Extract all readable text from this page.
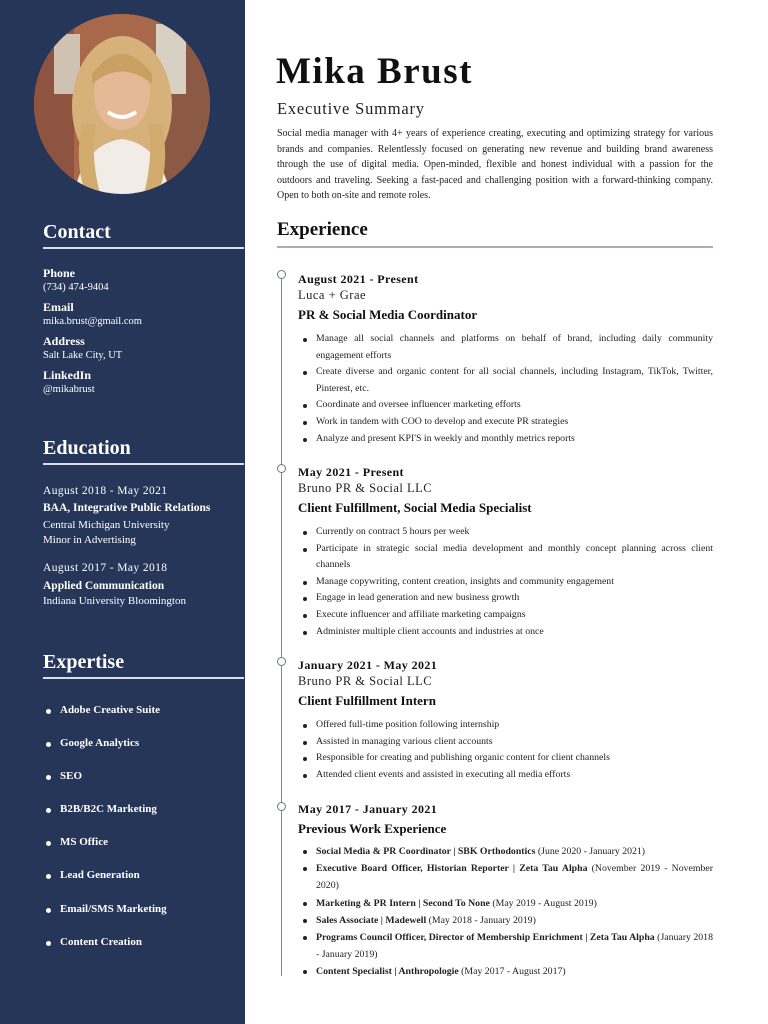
Contact
Phone
(734) 474-9404
Email
mika.brust@gmail.com
Address
Salt Lake City, UT
LinkedIn
@mikabrust
Education
August 2018 - May 2021
BAA, Integrative Public Relations
Central Michigan University
Minor in Advertising
August 2017 - May 2018
Applied Communication
Indiana University Bloomington
Expertise
Adobe Creative Suite
Google Analytics
SEO
B2B/B2C Marketing
MS Office
Lead Generation
Email/SMS Marketing
Content Creation
Mika Brust
Executive Summary
Social media manager with 4+ years of experience creating, executing and optimizing strategy for various brands and companies. Relentlessly focused on generating new revenue and building brand awareness through the use of digital media. Open-minded, flexible and honest individual with a passion for the outdoors and traveling. Seeking a fast-paced and challenging position with a forward-thinking company. Open to both on-site and remote roles.
Experience
August 2021 - Present
Luca + Grae
PR & Social Media Coordinator
Manage all social channels and platforms on behalf of brand, including daily community engagement efforts
Create diverse and organic content for all social channels, including Instagram, TikTok, Twitter, Pinterest, etc.
Coordinate and oversee influencer marketing efforts
Work in tandem with COO to develop and execute PR strategies
Analyze and present KPI'S in weekly and monthly metrics reports
May 2021 - Present
Bruno PR & Social LLC
Client Fulfillment, Social Media Specialist
Currently on contract 5 hours per week
Participate in strategic social media development and monthly concept planning across client channels
Manage copywriting, content creation, insights and community engagement
Engage in lead generation and new business growth
Execute influencer and affiliate marketing campaigns
Administer multiple client accounts and industries at once
January 2021 - May 2021
Bruno PR & Social LLC
Client Fulfillment Intern
Offered full-time position following internship
Assisted in managing various client accounts
Responsible for creating and publishing organic content for client channels
Attended client events and assisted in executing all media efforts
May 2017 - January 2021
Previous Work Experience
Social Media & PR Coordinator | SBK Orthodontics (June 2020 - January 2021)
Executive Board Officer, Historian Reporter | Zeta Tau Alpha (November 2019 - November 2020)
Marketing & PR Intern | Second To None (May 2019 - August 2019)
Sales Associate | Madewell (May 2018 - January 2019)
Programs Council Officer, Director of Membership Enrichment | Zeta Tau Alpha (January 2018 - January 2019)
Content Specialist | Anthropologie (May 2017 - August 2017)
